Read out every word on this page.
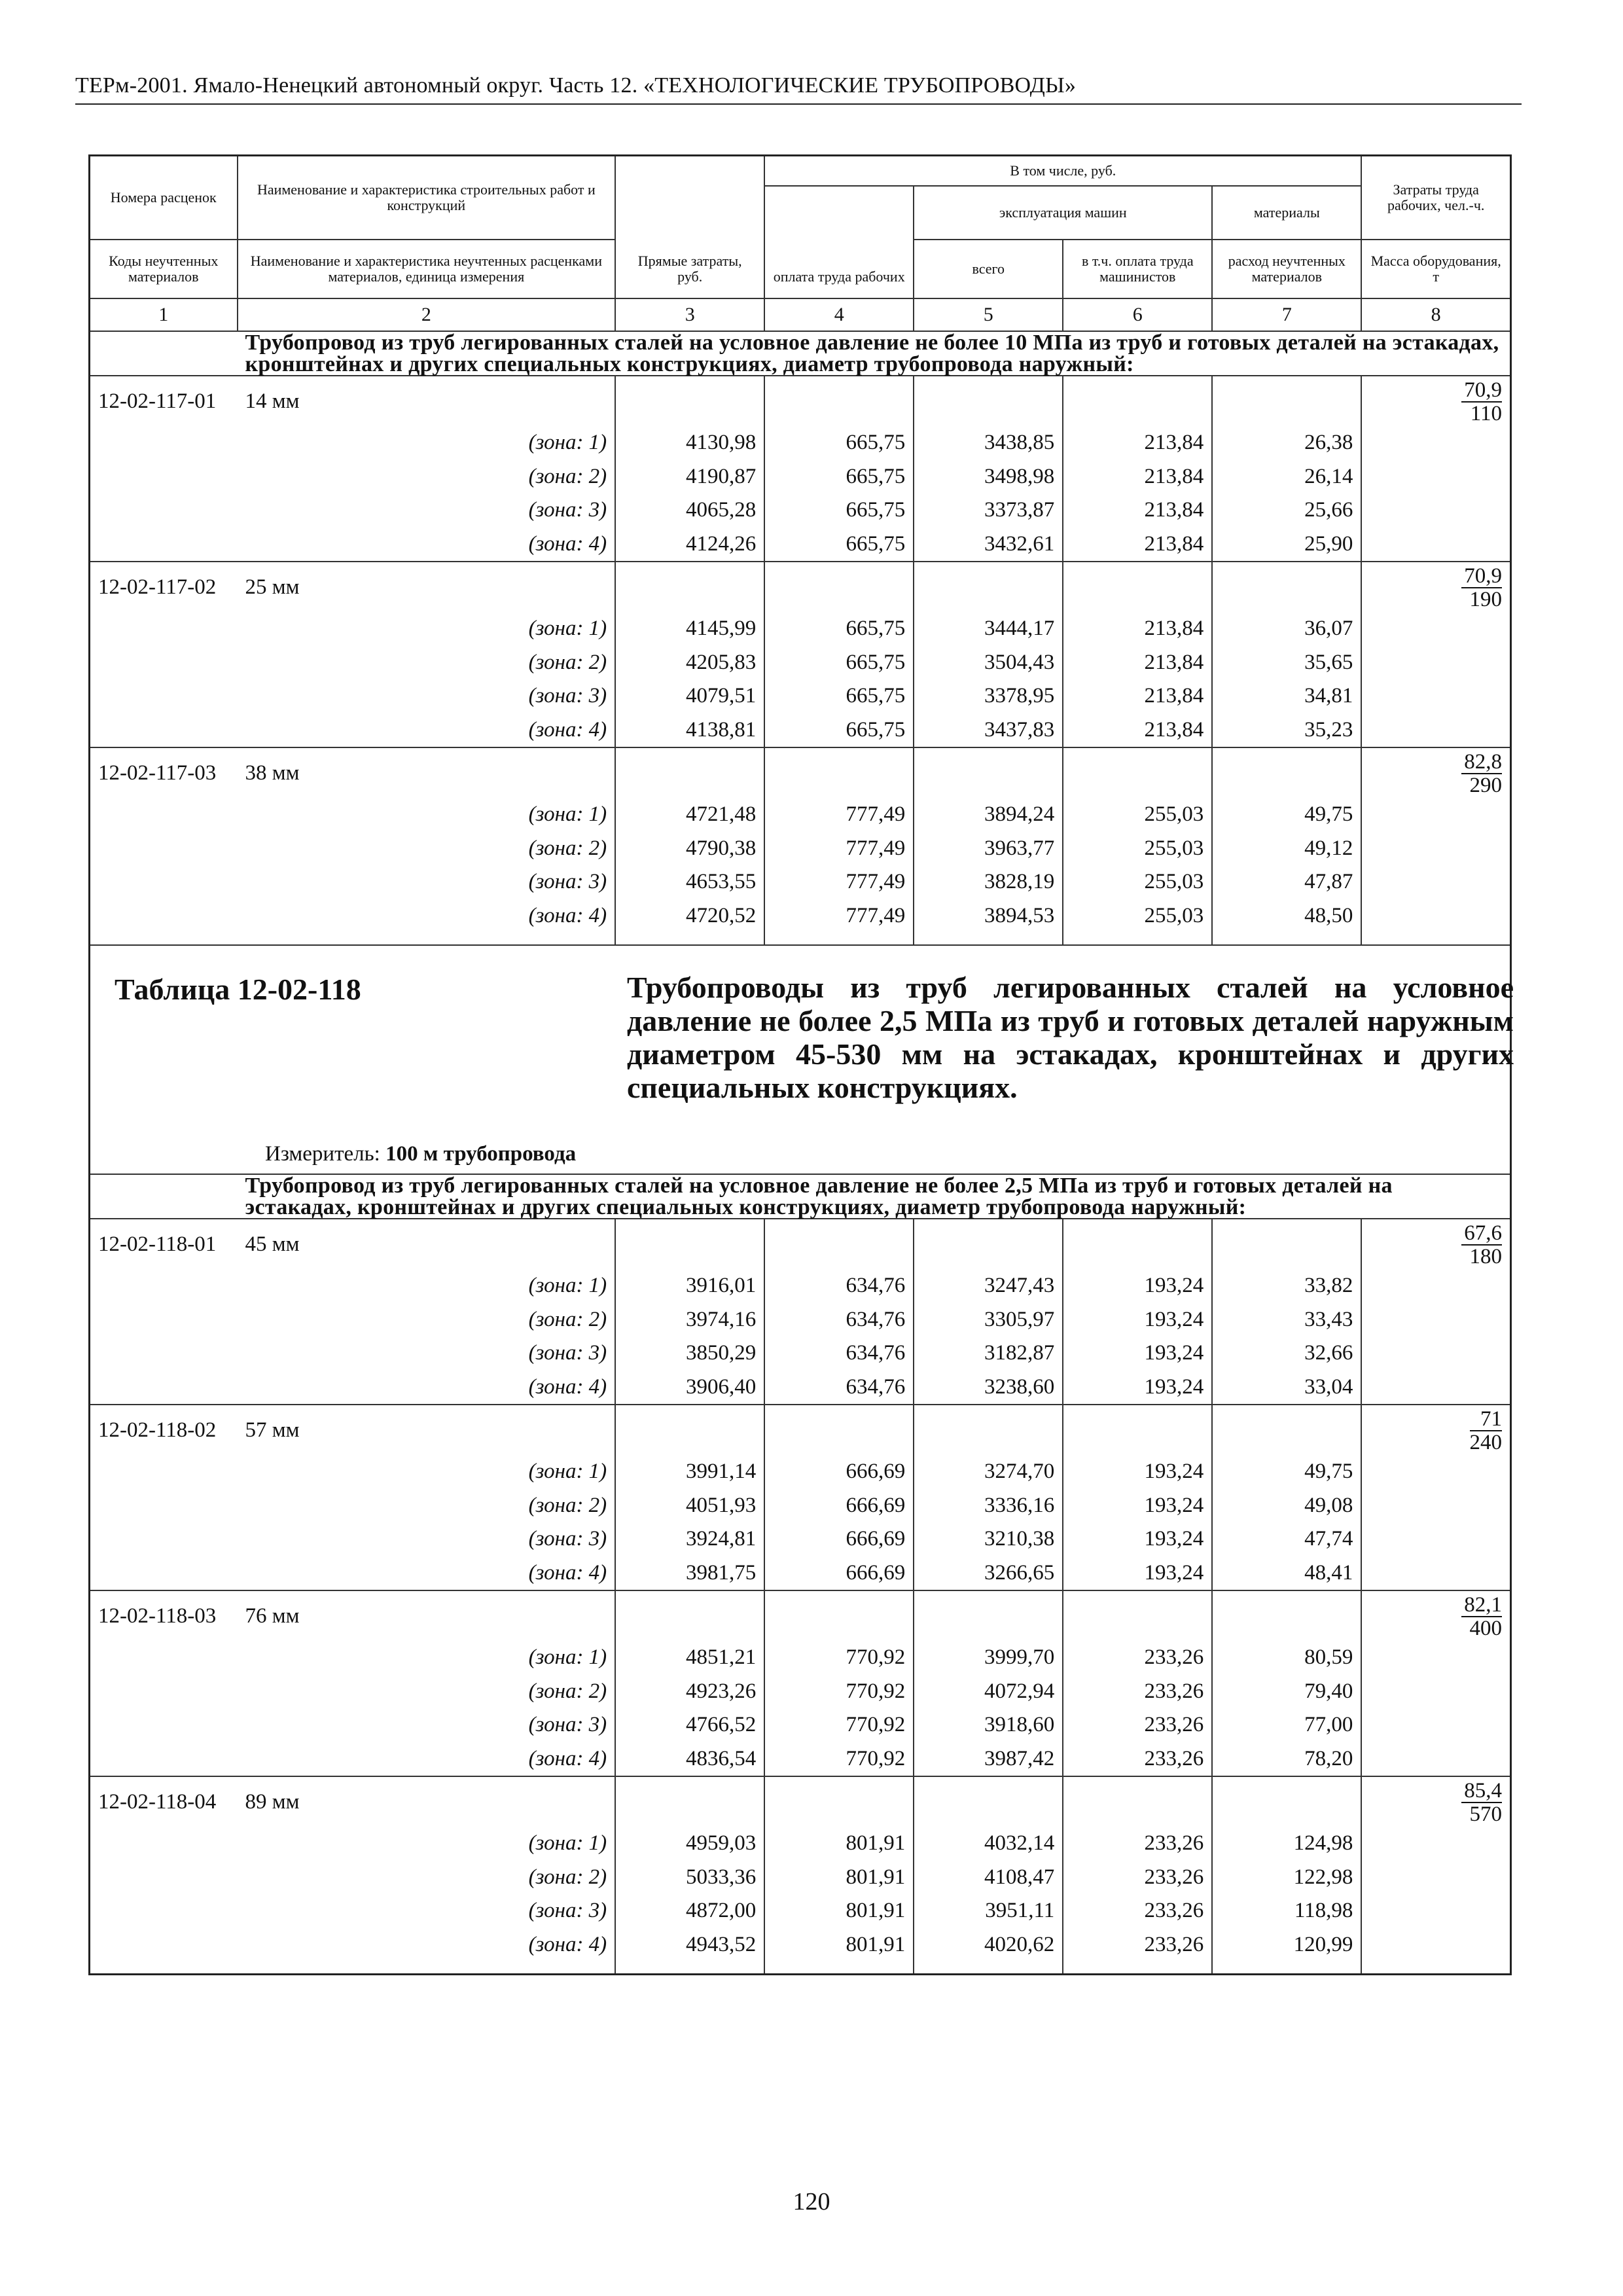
ТЕРм-2001. Ямало-Ненецкий автономный округ. Часть 12. «ТЕХНОЛОГИЧЕСКИЕ ТРУБОПРОВОДЫ»
Номера расценок	Наименование и характеристика строительных работ и конструкций	Прямые затраты, руб.	В том числе, руб.				Затраты труда рабочих, чел.-ч.
			оплата труда рабочих	эксплуатация машин		материалы	
Коды неучтенных материалов	Наименование и характеристика неучтенных расценками материалов, единица измерения			всего	в т.ч. оплата труда машинистов	расход неучтенных материалов	Масса оборудования, т

1	2	3	4	5	6	7	8
	Трубопровод из труб легированных сталей на условное давление не более 10 МПа из труб и готовых деталей на эстакадах, кронштейнах и других специальных конструкциях, диаметр трубопровода наружный:						
12-02-117-01	14 мм						$\frac{70,9}{110}$

	(зона: 1)	4130,98	665,75	3438,85	213,84	26,38	
	(зона: 2)	4190,87	665,75	3498,98	213,84	26,14	
	(зона: 3)	4065,28	665,75	3373,87	213,84	25,66	
	(зона: 4)	4124,26	665,75	3432,61	213,84	25,90	
12-02-117-02	25 мм						$\frac{70,9}{190}$

	(зона: 1)	4145,99	665,75	3444,17	213,84	36,07	
	(зона: 2)	4205,83	665,75	3504,43	213,84	35,65	
	(зона: 3)	4079,51	665,75	3378,95	213,84	34,81	
	(зона: 4)	4138,81	665,75	3437,83	213,84	35,23	
12-02-117-03	38 мм						$\frac{82,8}{290}$

	(зона: 1)	4721,48	777,49	3894,24	255,03	49,75	
	(зона: 2)	4790,38	777,49	3963,77	255,03	49,12	
	(зона: 3)	4653,55	777,49	3828,19	255,03	47,87	
	(зона: 4)	4720,52	777,49	3894,53	255,03	48,50	

Таблица 12-02-118 Трубопроводы из труб легированных сталей на условное давление не более 2,5 МПа из труб и готовых деталей наружным диаметром 45-530 мм на эстакадах, кронштейнах и других специальных конструкциях.
Измеритель: 100 м трубопровода							

	Трубопровод из труб легированных сталей на условное давление не более 2,5 МПа из труб и готовых деталей на эстакадах, кронштейнах и других специальных конструкциях, диаметр трубопровода наружный:						
12-02-118-01	45 мм						$\frac{67,6}{180}$

	(зона: 1)	3916,01	634,76	3247,43	193,24	33,82	
	(зона: 2)	3974,16	634,76	3305,97	193,24	33,43	
	(зона: 3)	3850,29	634,76	3182,87	193,24	32,66	
	(зона: 4)	3906,40	634,76	3238,60	193,24	33,04	
12-02-118-02	57 мм						$\frac{71}{240}$

	(зона: 1)	3991,14	666,69	3274,70	193,24	49,75	
	(зона: 2)	4051,93	666,69	3336,16	193,24	49,08	
	(зона: 3)	3924,81	666,69	3210,38	193,24	47,74	
	(зона: 4)	3981,75	666,69	3266,65	193,24	48,41	
12-02-118-03	76 мм						$\frac{82,1}{400}$

	(зона: 1)	4851,21	770,92	3999,70	233,26	80,59	
	(зона: 2)	4923,26	770,92	4072,94	233,26	79,40	
	(зона: 3)	4766,52	770,92	3918,60	233,26	77,00	
	(зона: 4)	4836,54	770,92	3987,42	233,26	78,20	
12-02-118-04	89 мм						$\frac{85,4}{570}$

	(зона: 1)	4959,03	801,91	4032,14	233,26	124,98	
	(зона: 2)	5033,36	801,91	4108,47	233,26	122,98	
	(зона: 3)	4872,00	801,91	3951,11	233,26	118,98	
	(зона: 4)	4943,52	801,91	4020,62	233,26	120,99	

120
